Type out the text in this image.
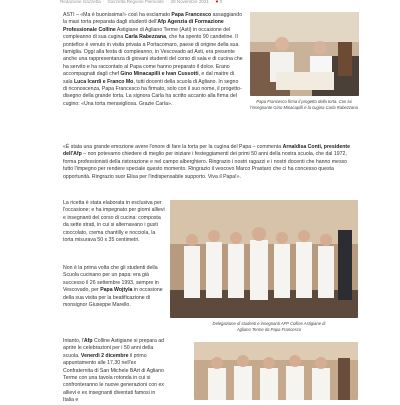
Redazione Gazzetta · Gazzetta Regione Piemonte · 28 Novembre 2021 · ♥ 0

ASTI – «Ma è buonissima!» così ha esclamato Papa Francesco assaggiando la maxi torta preparata dagli studenti dell'Afp Agenzia di Formazione Professionale Colline Astigiane di Agliano Terme (Asti) in occasione del compleanno di sua cugina Carla Rabezzana, che ha spento 90 candeline. Il pontefice è venuto in visita privata a Portacomaro, paese di origine della sua famiglia. Oggi alla festa di compleanno, in Vescovado ad Asti, era presente anche una rappresentanza di giovani studenti del corso di sala e di cucina che ha servito e ha raccontato al Papa come hanno preparato il dolce. Erano accompagnati dagli chef Gino Minacapilli e Ivan Cussotti, e dal maitre di sala Luca Icardi e Franco Mo, tutti docenti della scuola di Agliano. In segno di riconoscenza, Papa Francesco ha firmato, solo con il suo nome, il progetto-disegno della grande torta. La signora Carla ha scritto accanto alla firma del cugino: «Una torta meravigliosa. Grazie Carla».	Papa Francesco firma il progetto della torta. Con lui l'insegnante Gino Minacapilli e la cugina Carla Rabezzana

«È stata una grande emozione avere l'onore di fare la torta per la cugina del Papa – commenta Arnaldisa Conti, presidente dell'Afp – non potevamo chiedere di meglio per iniziare i festeggiamenti dei primi 50 anni della nostra scuola, che dal 1972, forma professionisti della ristorazione e nel campo alberghiero. Ringrazio i nostri ragazzi e i nostri docenti che hanno messo tutto l'impegno per rendere speciale questo momento. Ringrazio il vescovo Marco Prastaro che ci ha concesso questa opportunità. Ringrazio suor Elisa per l'indispensabile supporto. Viva il Papa!».

La ricetta è stata elaborata in esclusiva per l'occasione; e ha impegnato per giorni allievi e insegnanti del corso di cucina: composta da sette strati, in cui si alternavano i gusti cioccolato, crema chantilly e nocciola, la torta misurava 50 x 35 centimetri.

Non è la prima volta che gli studenti della Scuola cucinano per un papa: era già successo il 26 settembre 1993, sempre in Vescovado, per Papa Wojtyla in occasione della sua visita per la beatificazione di monsignor Giuseppe Marello.

Delegazione di studenti e insegnanti AFP Colline Astigiane di Agliano Terme da Papa Francesco

Intanto, l'Afp Colline Astigiane si prepara ad aprire le celebrazioni per i 50 anni della scuola. Venerdì 2 dicembre il primo appuntamento alle 17,30 nell'ex Confraternita di San Michele BArt di Agliano Terme con una tavola rotonda in cui si confronteranno le nuove generazioni con ex allievi e ex insegnanti diventati famosi in Italia e
